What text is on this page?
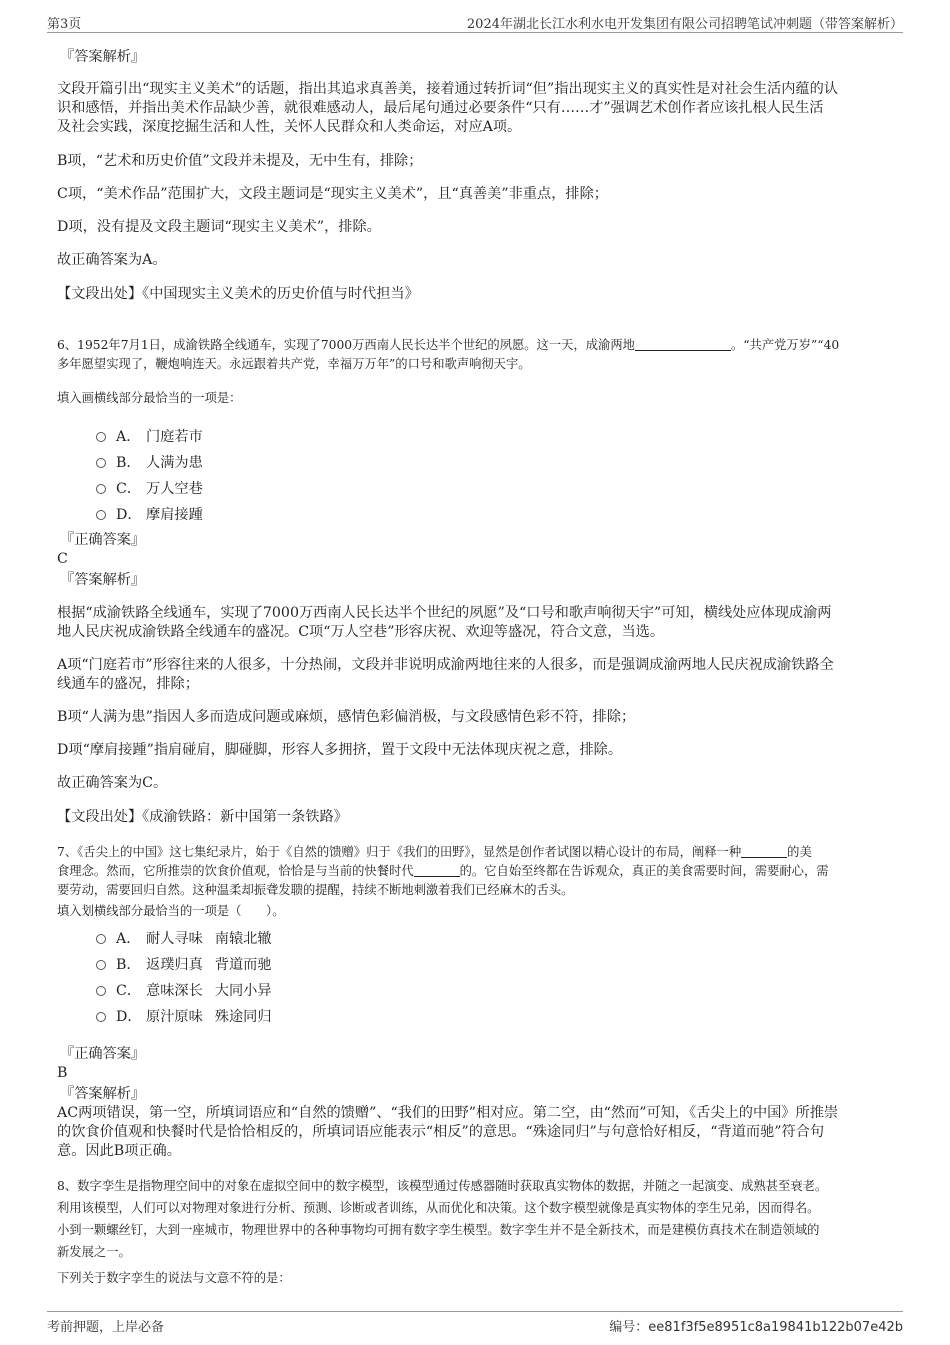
第3页	2024年湖北长江水利水电开发集团有限公司招聘笔试冲刺题（带答案解析）
『答案解析』
文段开篇引出“现实主义美术”的话题，指出其追求真善美，接着通过转折词“但”指出现实主义的真实性是对社会生活内蕴的认
识和感悟，并指出美术作品缺少善，就很难感动人，最后尾句通过必要条件“只有……才”强调艺术创作者应该扎根人民生活
及社会实践，深度挖掘生活和人性，关怀人民群众和人类命运，对应A项。
B项，“艺术和历史价值”文段并未提及，无中生有，排除；
C项，“美术作品”范围扩大，文段主题词是“现实主义美术”，且“真善美”非重点，排除；
D项，没有提及文段主题词“现实主义美术”，排除。
故正确答案为A。
【文段出处】《中国现实主义美术的历史价值与时代担当》
6、1952年7月1日，成渝铁路全线通车，实现了7000万西南人民长达半个世纪的夙愿。这一天，成渝两地	。“共产党万岁”“40
多年愿望实现了，鞭炮响连天。永远跟着共产党，幸福万万年”的口号和歌声响彻天宇。
填入画横线部分最恰当的一项是：
A． 门庭若市
B． 人满为患
C． 万人空巷
D． 摩肩接踵
『正确答案』
C
『答案解析』
根据“成渝铁路全线通车，实现了7000万西南人民长达半个世纪的夙愿”及“口号和歌声响彻天宇”可知，横线处应体现成渝两
地人民庆祝成渝铁路全线通车的盛况。C项“万人空巷”形容庆祝、欢迎等盛况，符合文意，当选。
A项“门庭若市”形容往来的人很多，十分热闹，文段并非说明成渝两地往来的人很多，而是强调成渝两地人民庆祝成渝铁路全
线通车的盛况，排除；
B项“人满为患”指因人多而造成问题或麻烦，感情色彩偏消极，与文段感情色彩不符，排除；
D项“摩肩接踵”指肩碰肩，脚碰脚，形容人多拥挤，置于文段中无法体现庆祝之意，排除。
故正确答案为C。
【文段出处】《成渝铁路：新中国第一条铁路》
7、《舌尖上的中国》这七集纪录片，始于《自然的馈赠》归于《我们的田野》，显然是创作者试图以精心设计的布局，阐释一种	的美
食理念。然而，它所推崇的饮食价值观，恰恰是与当前的快餐时代	的。它自始至终都在告诉观众，真正的美食需要时间，需要耐心，需
要劳动，需要回归自然。这种温柔却振聋发聩的提醒，持续不断地刺激着我们已经麻木的舌头。
填入划横线部分最恰当的一项是（　　）。
A． 耐人寻味 南辕北辙
B． 返璞归真 背道而驰
C． 意味深长 大同小异
D． 原汁原味 殊途同归
『正确答案』
B
『答案解析』
AC两项错误，第一空，所填词语应和“自然的馈赠”、“我们的田野”相对应。第二空，由“然而”可知，《舌尖上的中国》所推崇
的饮食价值观和快餐时代是恰恰相反的，所填词语应能表示“相反”的意思。“殊途同归”与句意恰好相反，“背道而驰”符合句
意。因此B项正确。
8、数字孪生是指物理空间中的对象在虚拟空间中的数字模型，该模型通过传感器随时获取真实物体的数据，并随之一起演变、成熟甚至衰老。
利用该模型，人们可以对物理对象进行分析、预测、诊断或者训练，从而优化和决策。这个数字模型就像是真实物体的孪生兄弟，因而得名。
小到一颗螺丝钉，大到一座城市，物理世界中的各种事物均可拥有数字孪生模型。数字孪生并不是全新技术，而是建模仿真技术在制造领域的
新发展之一。
下列关于数字孪生的说法与文意不符的是：
考前押题，上岸必备	编号：ee81f3f5e8951c8a19841b122b07e42b
